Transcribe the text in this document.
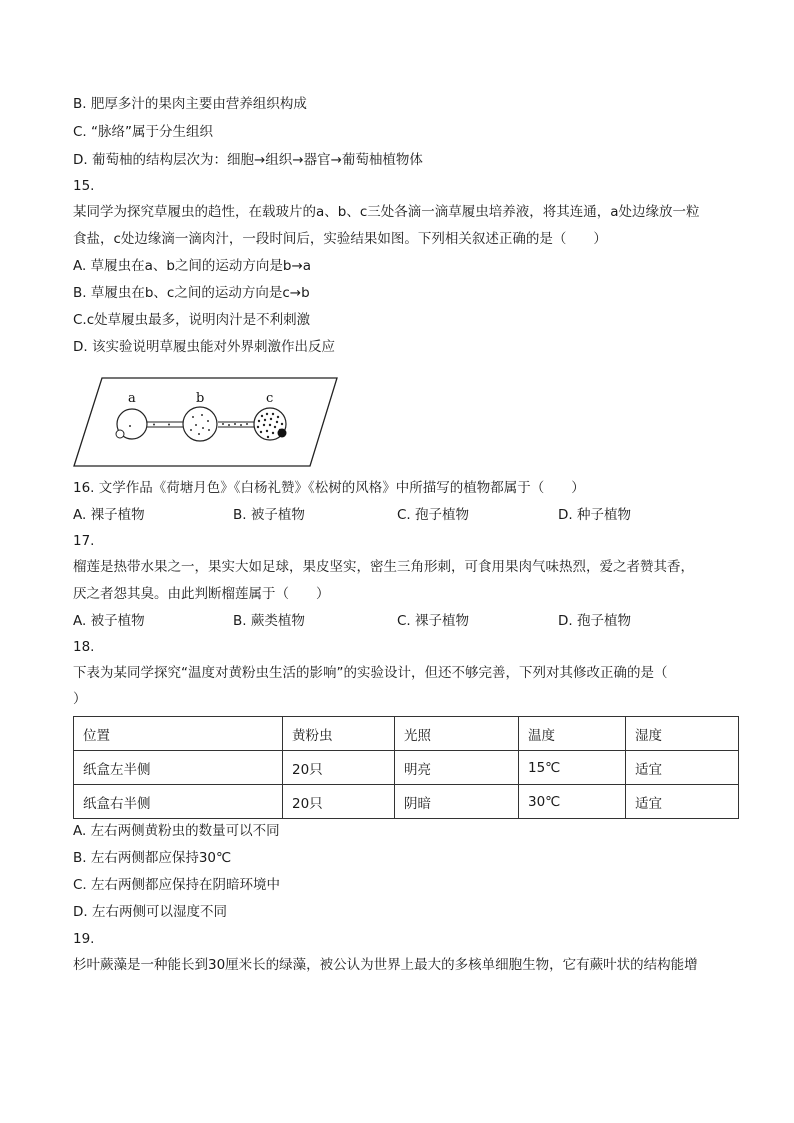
B. 肥厚多汁的果肉主要由营养组织构成
C. “脉络”属于分生组织
D. 葡萄柚的结构层次为：细胞→组织→器官→葡萄柚植物体
15.
某同学为探究草履虫的趋性，在载玻片的a、b、c三处各滴一滴草履虫培养液，将其连通，a处边缘放一粒
食盐，c处边缘滴一滴肉汁，一段时间后，实验结果如图。下列相关叙述正确的是（　　）
A. 草履虫在a、b之间的运动方向是b→a
B. 草履虫在b、c之间的运动方向是c→b
C.c处草履虫最多，说明肉汁是不利刺激
D. 该实验说明草履虫能对外界刺激作出反应
a	b	c
16. 文学作品《荷塘月色》《白杨礼赞》《松树的风格》中所描写的植物都属于（　　）
A. 裸子植物	B. 被子植物	C. 孢子植物	D. 种子植物
17.
榴莲是热带水果之一，果实大如足球，果皮坚实，密生三角形刺，可食用果肉气味热烈，爱之者赞其香，
厌之者怨其臭。由此判断榴莲属于（　　）
A. 被子植物	B. 蕨类植物	C. 裸子植物	D. 孢子植物
18.
下表为某同学探究“温度对黄粉虫生活的影响”的实验设计，但还不够完善，下列对其修改正确的是（
）
位置	黄粉虫	光照	温度	湿度
纸盒左半侧	20只	明亮	15℃	适宜
纸盒右半侧	20只	阴暗	30℃	适宜
A. 左右两侧黄粉虫的数量可以不同
B. 左右两侧都应保持30℃
C. 左右两侧都应保持在阴暗环境中
D. 左右两侧可以湿度不同
19.
杉叶蕨藻是一种能长到30厘米长的绿藻，被公认为世界上最大的多核单细胞生物，它有蕨叶状的结构能增
